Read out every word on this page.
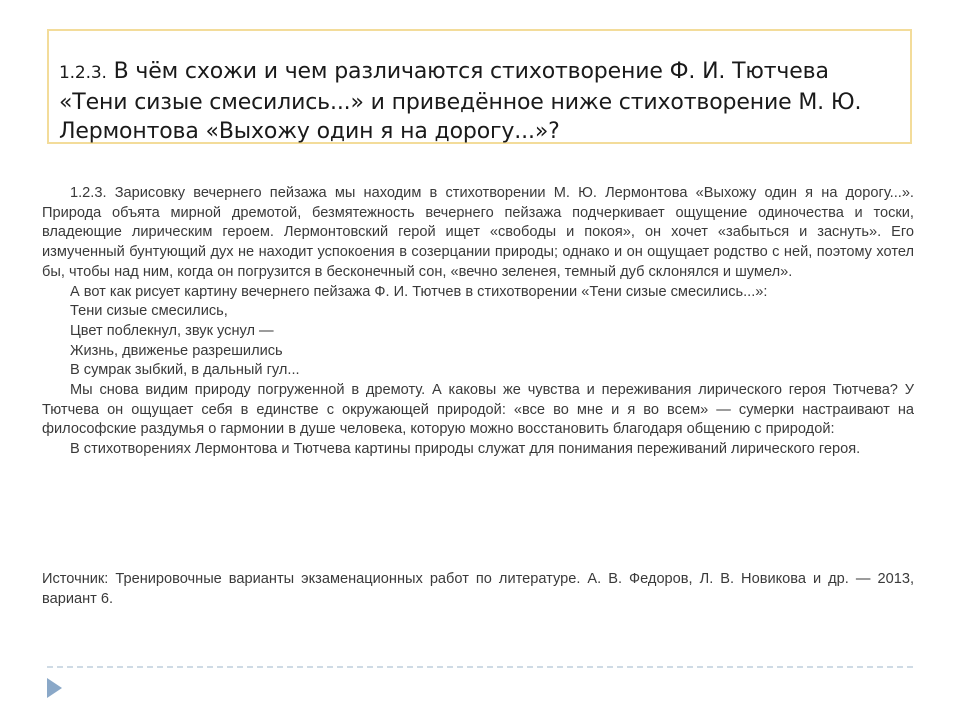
1.2.3. В чём схожи и чем различаются стихотворение Ф. И. Тютчева «Тени сизые смесились...» и приведённое ниже стихотворение М. Ю. Лермонтова «Выхожу один я на дорогу...»?

1.2.3. Зарисовку вечернего пейзажа мы находим в стихотворении М. Ю. Лермонтова «Выхожу один я на дорогу...». Природа объята мирной дремотой, безмятежность вечернего пейзажа подчеркивает ощущение одиночества и тоски, владеющие лирическим героем. Лермонтовский герой ищет «свободы и покоя», он хочет «забыться и заснуть». Его измученный бунтующий дух не находит успокоения в созерцании природы; однако и он ощущает родство с ней, поэтому хотел бы, чтобы над ним, когда он погрузится в бесконечный сон, «вечно зеленея, темный дуб склонялся и шумел».

А вот как рисует картину вечернего пейзажа Ф. И. Тютчев в стихотворении «Тени сизые смесились...»:

Тени сизые смесились,

Цвет поблекнул, звук уснул —

Жизнь, движенье разрешились

В сумрак зыбкий, в дальный гул...

Мы снова видим природу погруженной в дремоту. А каковы же чувства и переживания лирического героя Тютчева? У Тютчева он ощущает себя в единстве с окружающей природой: «все во мне и я во всем» — сумерки настраивают на философские раздумья о гармонии в душе человека, которую можно восстановить благодаря общению с природой:

В стихотворениях Лермонтова и Тютчева картины природы служат для понимания переживаний лирического героя.

Источник: Тренировочные варианты экзаменационных работ по литературе. А. В. Федоров, Л. В. Новикова и др. — 2013, вариант 6.
